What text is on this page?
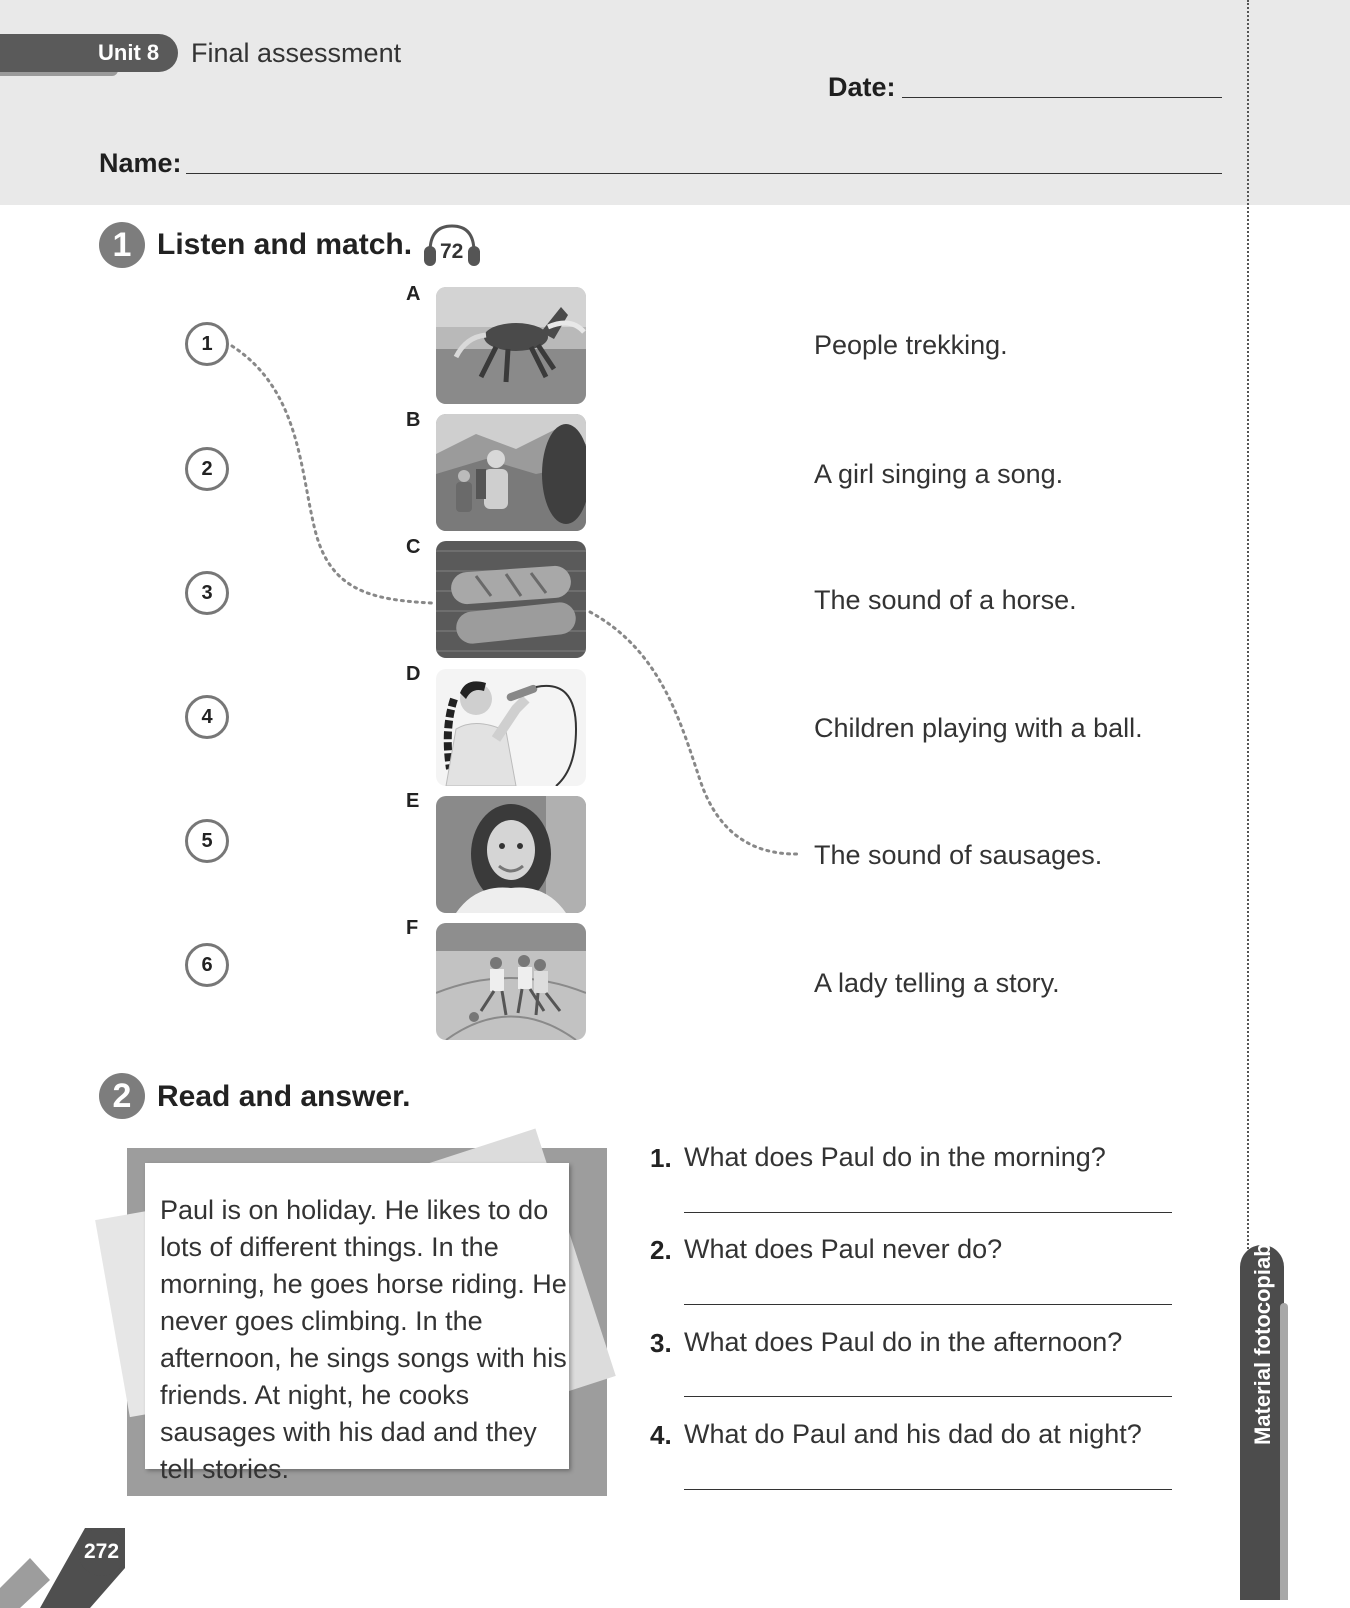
Unit 8 Final assessment
Date:
Name:
1 Listen and match. 72
1
2
3
4
5
6
A
B
C
D
E
F
People trekking.
A girl singing a song.
The sound of a horse.
Children playing with a ball.
The sound of sausages.
A lady telling a story.
2 Read and answer.
Paul is on holiday. He likes to do lots of different things. In the morning, he goes horse riding. He never goes climbing. In the afternoon, he sings songs with his friends. At night, he cooks sausages with his dad and they tell stories.
1. What does Paul do in the morning?
2. What does Paul never do?
3. What does Paul do in the afternoon?
4. What do Paul and his dad do at night?	Material fotocopiable
272
